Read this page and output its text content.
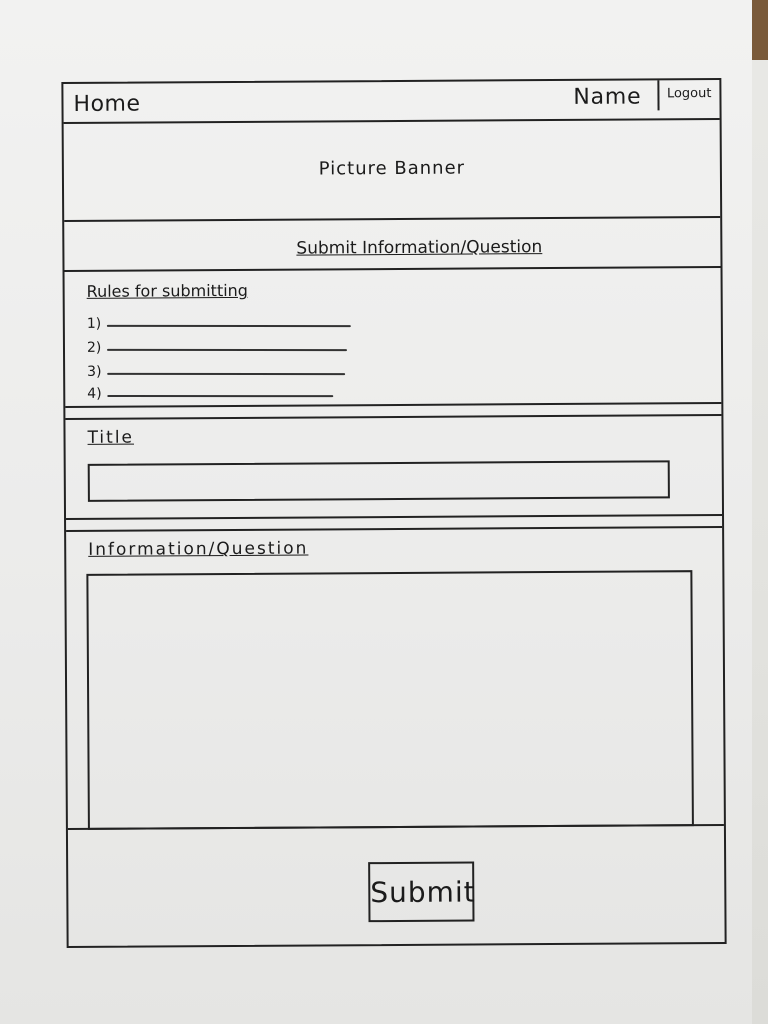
Home	Name Logout
Picture Banner
Submit Information/Question
Rules for submitting
1)
2)
3)
4)
Title
Information/Question
Submit
